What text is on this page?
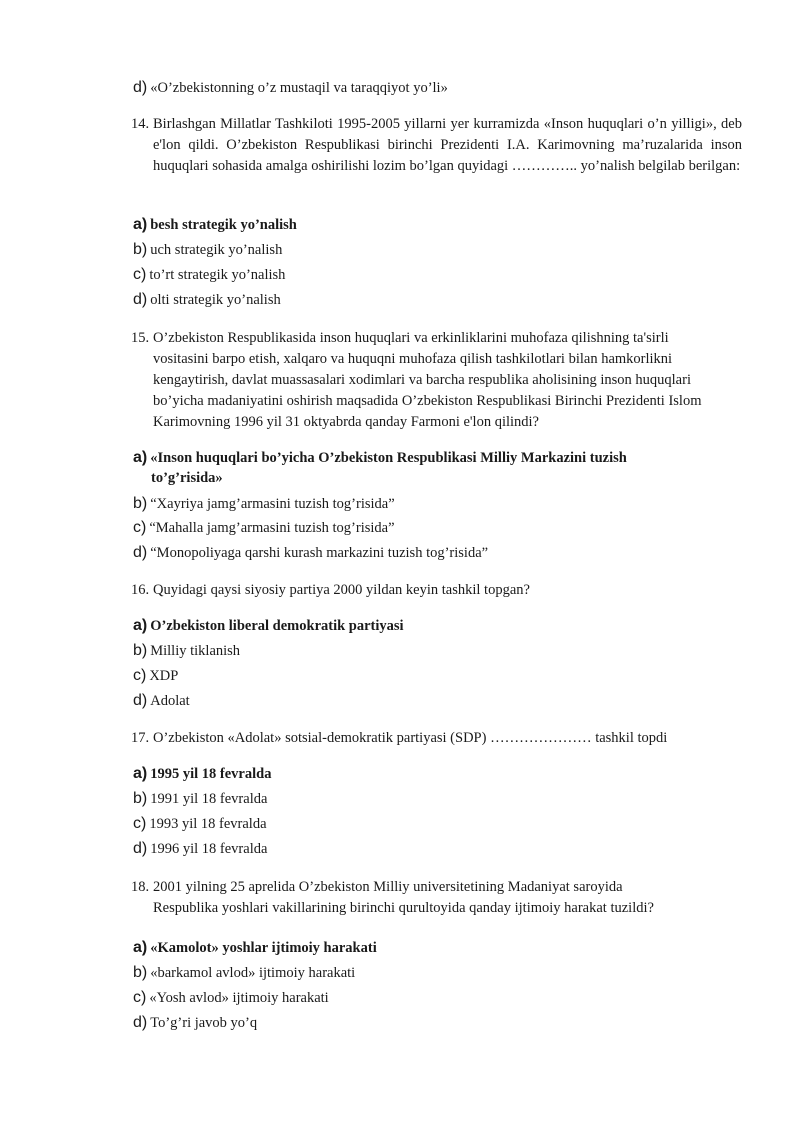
d) «O’zbekistonning o’z mustaqil va taraqqiyot yo’li»
14. Birlashgan Millatlar Tashkiloti 1995-2005 yillarni yer kurramizda «Inson huquqlari o’n yilligi», deb e'lon qildi. O’zbekiston Respublikasi birinchi Prezidenti I.A. Karimovning ma’ruzalarida inson huquqlari sohasida amalga oshirilishi lozim bo’lgan quyidagi ………….. yo’nalish belgilab berilgan:
a) besh strategik yo’nalish
b) uch strategik yo’nalish
c) to’rt strategik yo’nalish
d) olti strategik yo’nalish
15. O’zbekiston Respublikasida inson huquqlari va erkinliklarini muhofaza qilishning ta'sirli vositasini barpo etish, xalqaro va huquqni muhofaza qilish tashkilotlari bilan hamkorlikni kengaytirish, davlat muassasalari xodimlari va barcha respublika aholisining inson huquqlari bo’yicha madaniyatini oshirish maqsadida O’zbekiston Respublikasi Birinchi Prezidenti Islom Karimovning 1996 yil 31 oktyabrda qanday Farmoni e'lon qilindi?
a) «Inson huquqlari bo’yicha O’zbekiston Respublikasi Milliy Markazini tuzish
to’g’risida»
b) “Xayriya jamg’armasini tuzish tog’risida”
c) “Mahalla jamg’armasini tuzish tog’risida”
d) “Monopoliyaga qarshi kurash markazini tuzish tog’risida”
16. Quyidagi qaysi siyosiy partiya 2000 yildan keyin tashkil topgan?
a) O’zbekiston liberal demokratik partiyasi
b) Milliy tiklanish
c) XDP
d) Adolat
17. O’zbekiston «Adolat» sotsial-demokratik partiyasi (SDP) ………………… tashkil topdi
a) 1995 yil 18 fevralda
b) 1991 yil 18 fevralda
c) 1993 yil 18 fevralda
d) 1996 yil 18 fevralda
18. 2001 yilning 25 aprelida O’zbekiston Milliy universitetining Madaniyat saroyida
Respublika yoshlari vakillarining birinchi qurultoyida qanday ijtimoiy harakat tuzildi?
a) «Kamolot» yoshlar ijtimoiy harakati
b) «barkamol avlod» ijtimoiy harakati
c) «Yosh avlod» ijtimoiy harakati
d) To’g’ri javob yo’q
